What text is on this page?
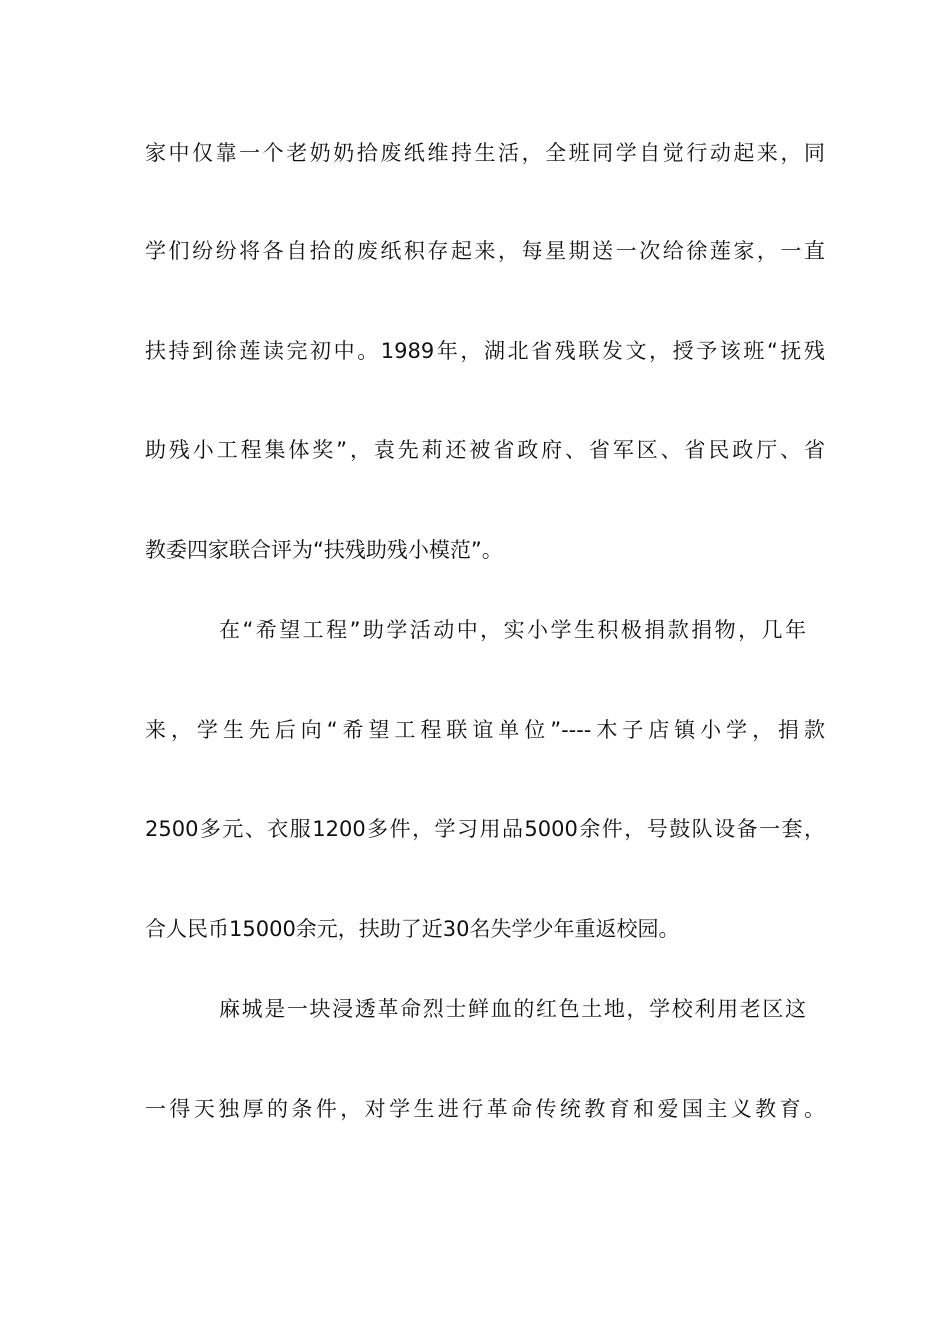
家中仅靠一个老奶奶拾废纸维持生活，全班同学自觉行动起来，同
学们纷纷将各自拾的废纸积存起来，每星期送一次给徐莲家，一直
扶持到徐莲读完初中。1989年，湖北省残联发文，授予该班“抚残
助残小工程集体奖”，袁先莉还被省政府、省军区、省民政厅、省
教委四家联合评为“扶残助残小模范”。
在“希望工程”助学活动中，实小学生积极捐款捐物，几年
来，学生先后向“希望工程联谊单位”----木子店镇小学，捐款
2500多元、衣服1200多件，学习用品5000余件，号鼓队设备一套，
合人民币15000余元，扶助了近30名失学少年重返校园。
麻城是一块浸透革命烈士鲜血的红色土地，学校利用老区这
一得天独厚的条件，对学生进行革命传统教育和爱国主义教育。
